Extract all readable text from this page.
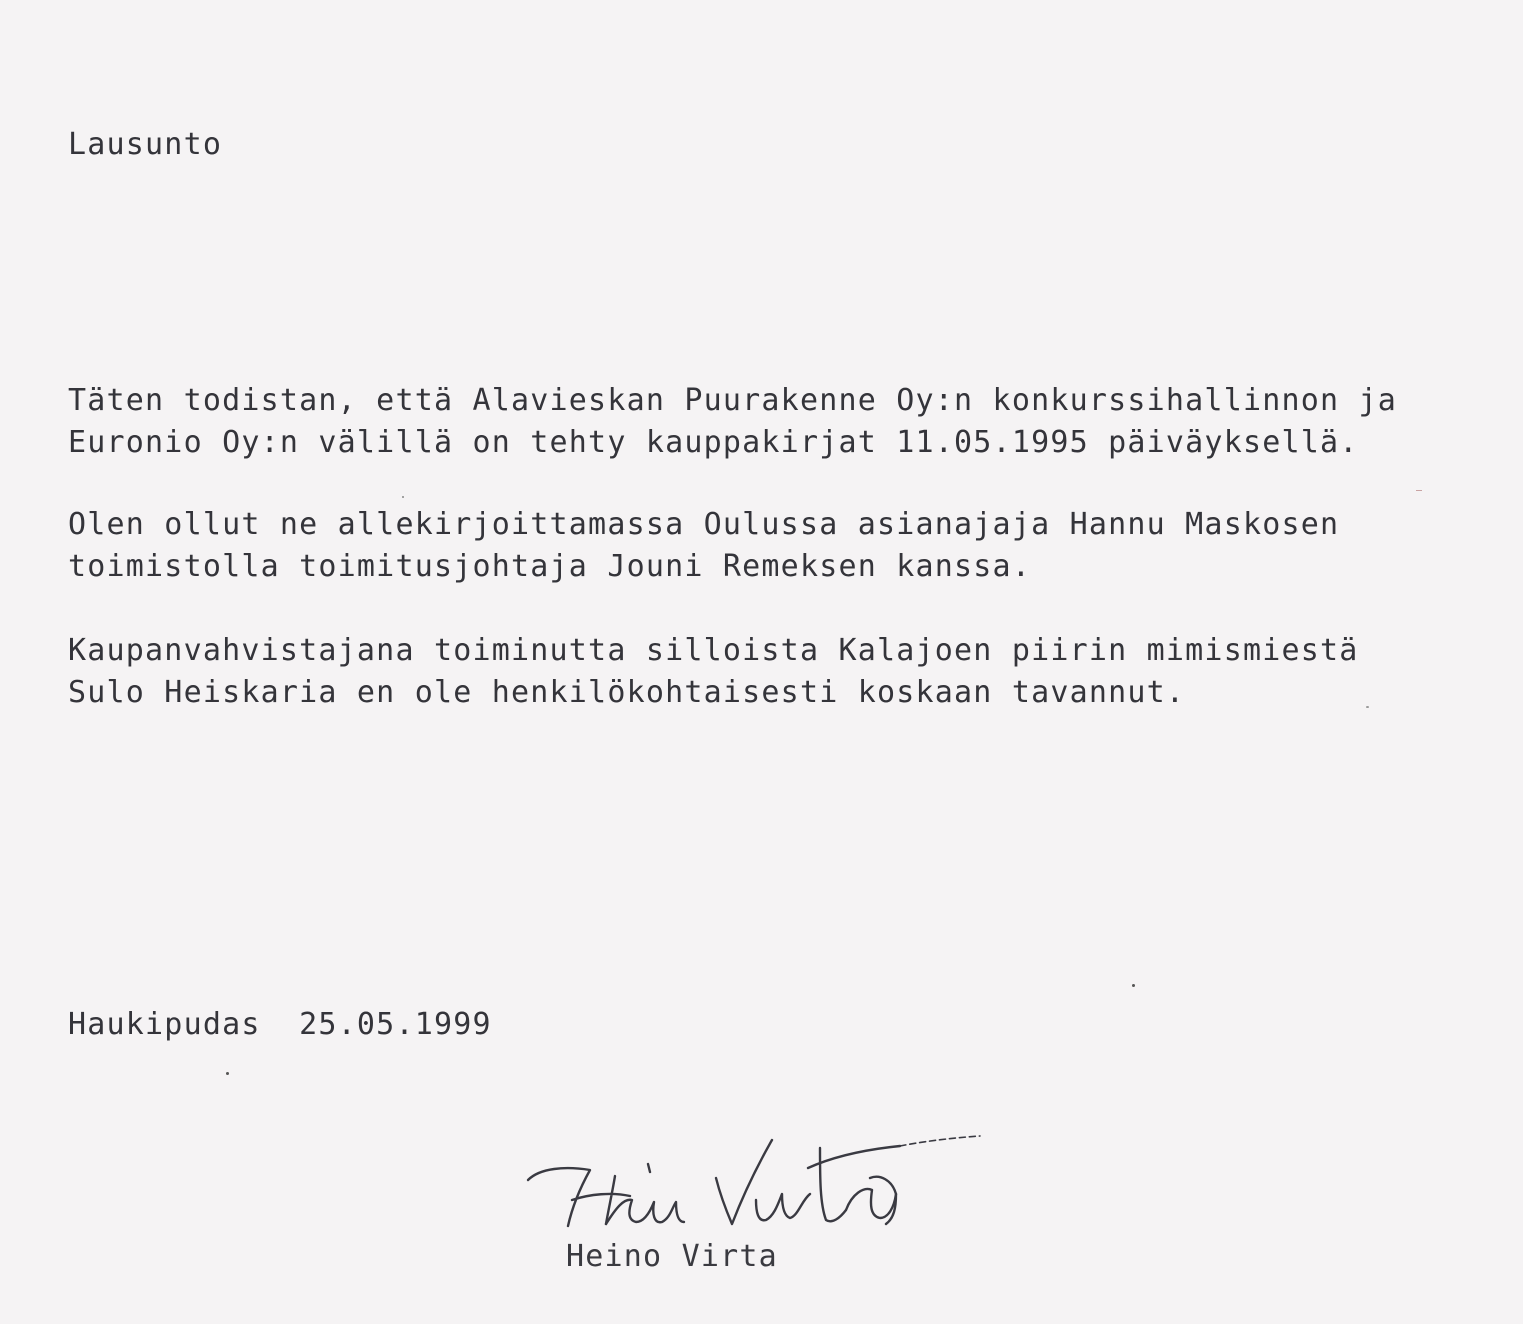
Lausunto
Täten todistan, että Alavieskan Puurakenne Oy:n konkurssihallinnon ja
Euronio Oy:n välillä on tehty kauppakirjat 11.05.1995 päiväyksellä.
Olen ollut ne allekirjoittamassa Oulussa asianajaja Hannu Maskosen
toimistolla toimitusjohtaja Jouni Remeksen kanssa.
Kaupanvahvistajana toiminutta silloista Kalajoen piirin mimismiestä
Sulo Heiskaria en ole henkilökohtaisesti koskaan tavannut.
Haukipudas  25.05.1999
Heino Virta
